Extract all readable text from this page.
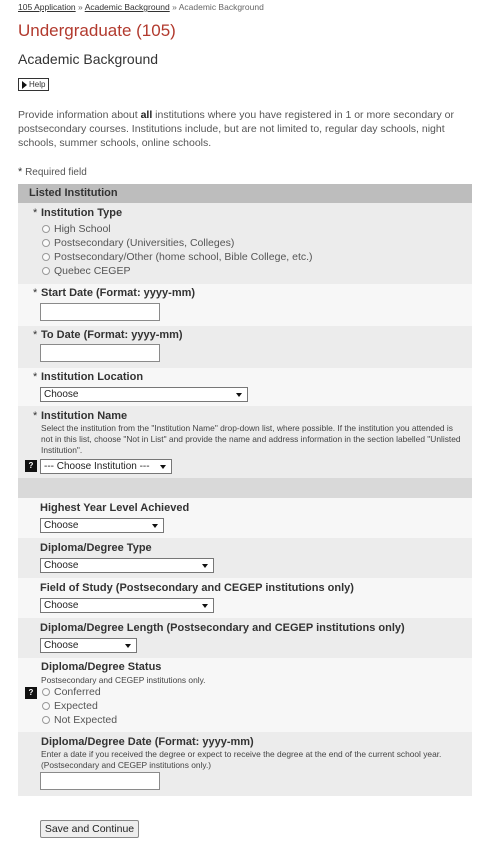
105 Application » Academic Background » Academic Background
Undergraduate (105)
Academic Background
Help
Provide information about all institutions where you have registered in 1 or more secondary or postsecondary courses. Institutions include, but are not limited to, regular day schools, night schools, summer schools, online schools.
* Required field
Listed Institution
* Institution Type
High School
Postsecondary (Universities, Colleges)
Postsecondary/Other (home school, Bible College, etc.)
Quebec CEGEP
* Start Date (Format: yyyy-mm)
* To Date (Format: yyyy-mm)
* Institution Location
Choose
* Institution Name
Select the institution from the "Institution Name" drop-down list, where possible. If the institution you attended is not in this list, choose "Not in List" and provide the name and address information in the section labelled "Unlisted Institution".
?	--- Choose Institution ---
Highest Year Level Achieved
Choose
Diploma/Degree Type
Choose
Field of Study (Postsecondary and CEGEP institutions only)
Choose
Diploma/Degree Length (Postsecondary and CEGEP institutions only)
Choose
Diploma/Degree Status
Postsecondary and CEGEP institutions only.
?	Conferred
Expected
Not Expected
Diploma/Degree Date (Format: yyyy-mm)
Enter a date if you received the degree or expect to receive the degree at the end of the current school year. (Postsecondary and CEGEP institutions only.)
Save and Continue
